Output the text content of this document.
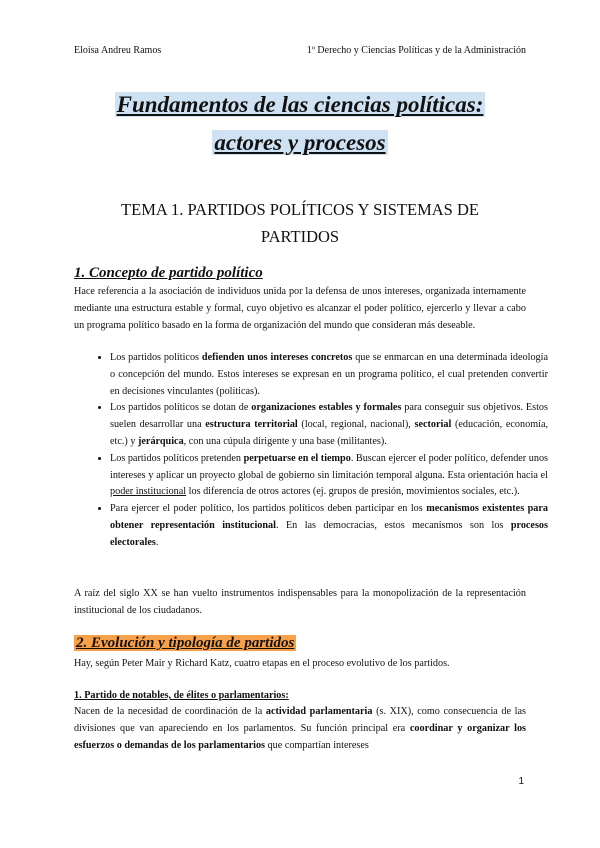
Eloísa Andreu Ramos	1º Derecho y Ciencias Políticas y de la Administración
Fundamentos de las ciencias políticas:
actores y procesos
TEMA 1. PARTIDOS POLÍTICOS Y SISTEMAS DE PARTIDOS
1. Concepto de partido político
Hace referencia a la asociación de individuos unida por la defensa de unos intereses, organizada internamente mediante una estructura estable y formal, cuyo objetivo es alcanzar el poder político, ejercerlo y llevar a cabo un programa político basado en la forma de organización del mundo que consideran más deseable.
• Los partidos políticos defienden unos intereses concretos que se enmarcan en una determinada ideología o concepción del mundo. Estos intereses se expresan en un programa político, el cual pretenden convertir en decisiones vinculantes (políticas).
• Los partidos políticos se dotan de organizaciones estables y formales para conseguir sus objetivos. Estos suelen desarrollar una estructura territorial (local, regional, nacional), sectorial (educación, economía, etc.) y jerárquica, con una cúpula dirigente y una base (militantes).
• Los partidos políticos pretenden perpetuarse en el tiempo. Buscan ejercer el poder político, defender unos intereses y aplicar un proyecto global de gobierno sin limitación temporal alguna. Esta orientación hacia el poder institucional los diferencia de otros actores (ej. grupos de presión, movimientos sociales, etc.).
• Para ejercer el poder político, los partidos políticos deben participar en los mecanismos existentes para obtener representación institucional. En las democracias, estos mecanismos son los procesos electorales.
A raíz del siglo XX se han vuelto instrumentos indispensables para la monopolización de la representación institucional de los ciudadanos.
2. Evolución y tipología de partidos
Hay, según Peter Mair y Richard Katz, cuatro etapas en el proceso evolutivo de los partidos.
1. Partido de notables, de élites o parlamentarios:
Nacen de la necesidad de coordinación de la actividad parlamentaria (s. XIX), como consecuencia de las divisiones que van apareciendo en los parlamentos. Su función principal era coordinar y organizar los esfuerzos o demandas de los parlamentarios que compartían intereses
1
